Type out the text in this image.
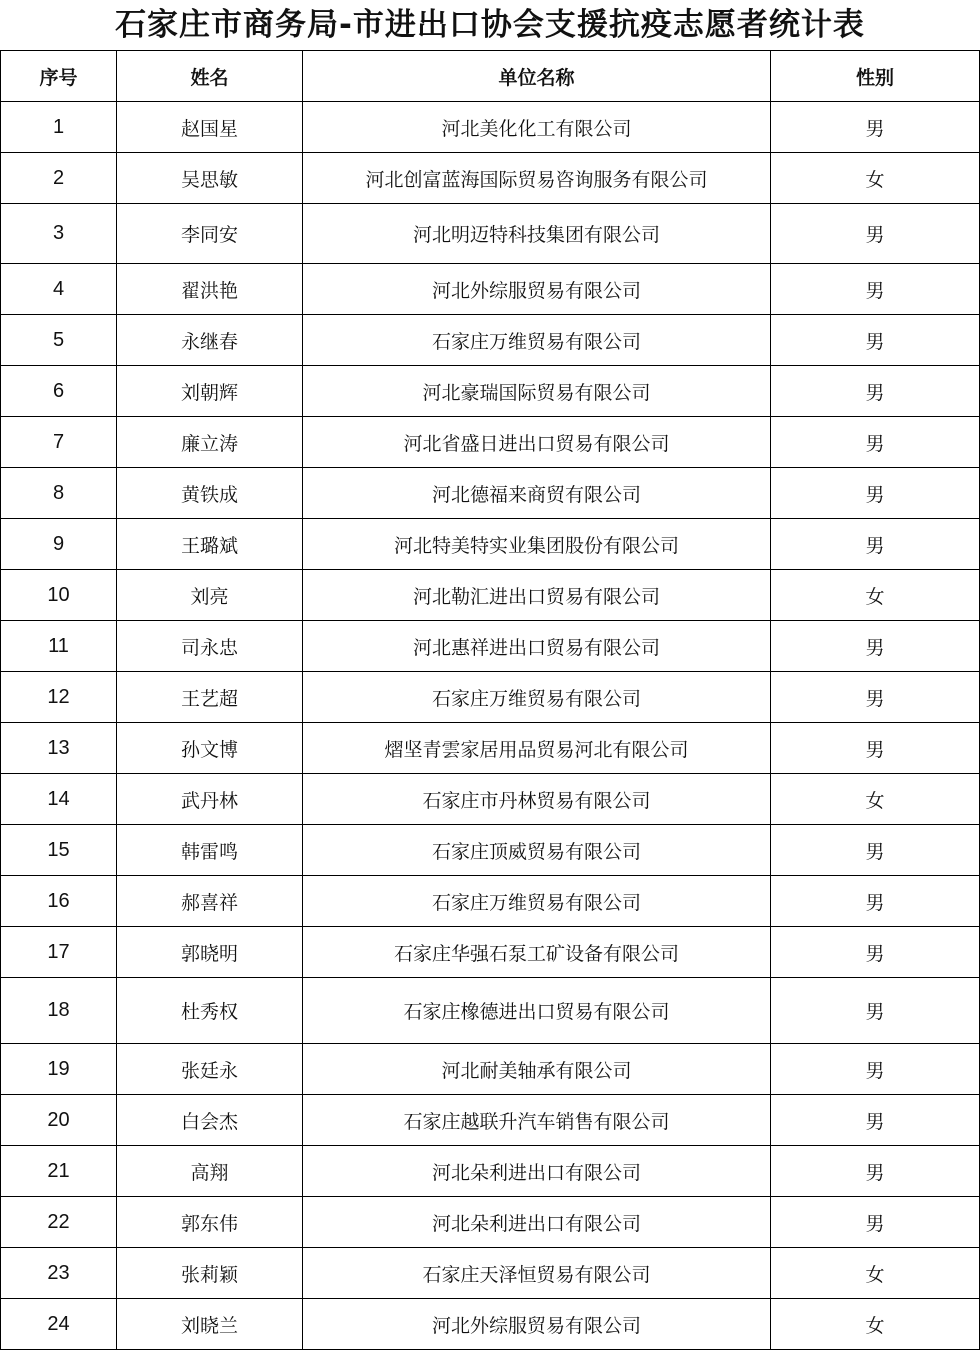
石家庄市商务局-市进出口协会支援抗疫志愿者统计表
序号	姓名	单位名称	性别
1	赵国星	河北美化化工有限公司	男
2	吴思敏	河北创富蓝海国际贸易咨询服务有限公司	女
3	李同安	河北明迈特科技集团有限公司	男
4	翟洪艳	河北外综服贸易有限公司	男
5	永继春	石家庄万维贸易有限公司	男
6	刘朝辉	河北豪瑞国际贸易有限公司	男
7	廉立涛	河北省盛日进出口贸易有限公司	男
8	黄铁成	河北德福来商贸有限公司	男
9	王璐斌	河北特美特实业集团股份有限公司	男
10	刘亮	河北勒汇进出口贸易有限公司	女
11	司永忠	河北惠祥进出口贸易有限公司	男
12	王艺超	石家庄万维贸易有限公司	男
13	孙文博	熠坚青雲家居用品贸易河北有限公司	男
14	武丹林	石家庄市丹林贸易有限公司	女
15	韩雷鸣	石家庄顶威贸易有限公司	男
16	郝喜祥	石家庄万维贸易有限公司	男
17	郭晓明	石家庄华强石泵工矿设备有限公司	男
18	杜秀权	石家庄橡德进出口贸易有限公司	男
19	张廷永	河北耐美轴承有限公司	男
20	白会杰	石家庄越联升汽车销售有限公司	男
21	高翔	河北朵利进出口有限公司	男
22	郭东伟	河北朵利进出口有限公司	男
23	张莉颖	石家庄天泽恒贸易有限公司	女
24	刘晓兰	河北外综服贸易有限公司	女
